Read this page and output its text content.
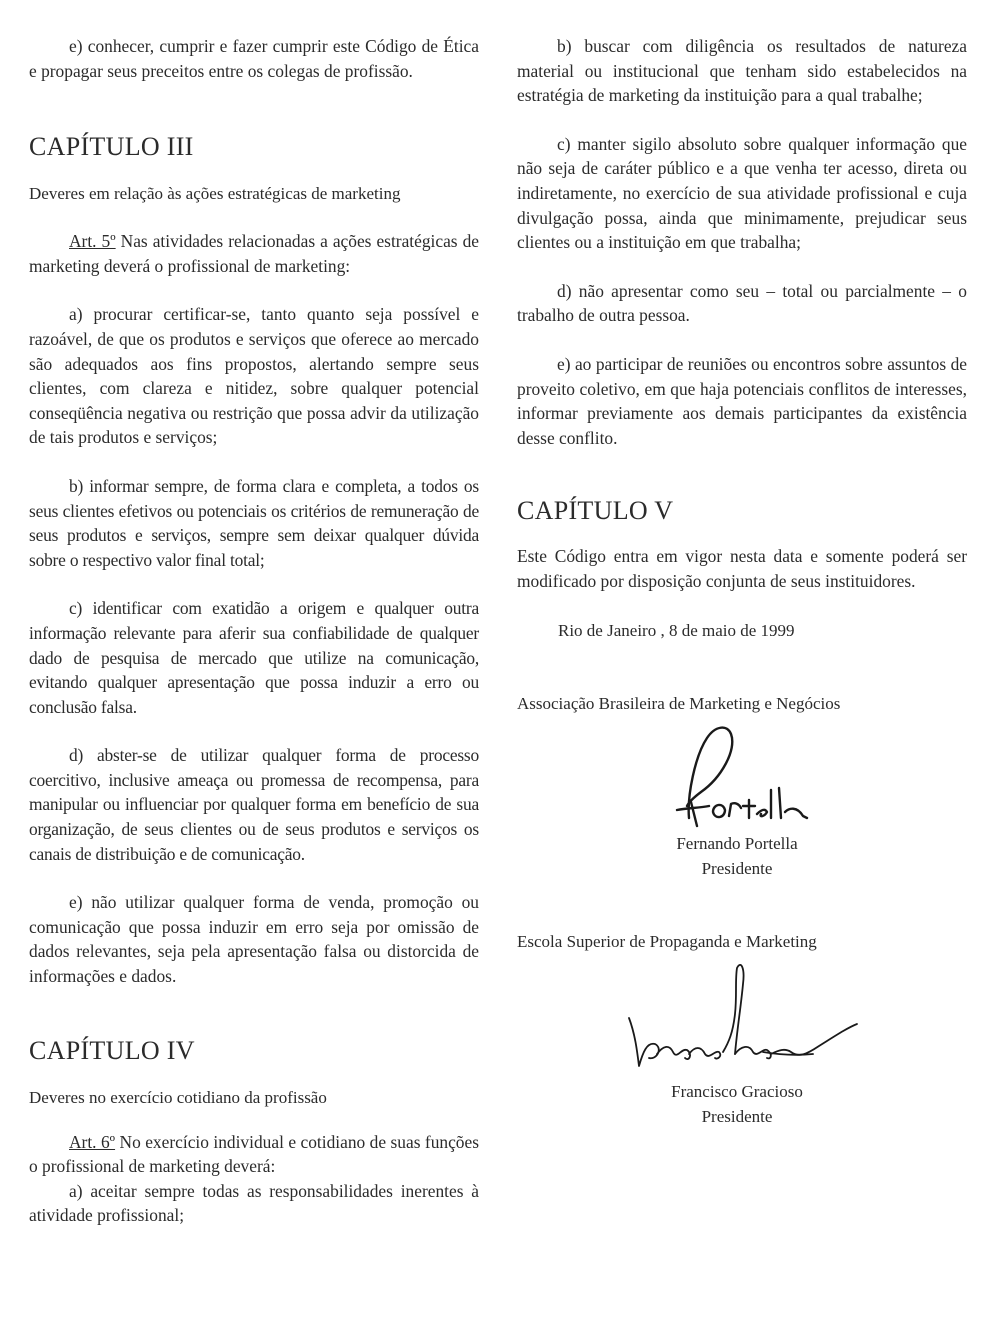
e) conhecer, cumprir e fazer cumprir este Código de Ética e propagar seus preceitos entre os colegas de profissão.

CAPÍTULO III

Deveres em relação às ações estratégicas de marketing

Art. 5º Nas atividades relacionadas a ações estratégicas de marketing deverá o profissional de marketing:

a) procurar certificar-se, tanto quanto seja possível e razoável, de que os produtos e serviços que oferece ao mercado são adequados aos fins propostos, alertando sempre seus clientes, com clareza e nitidez, sobre qualquer potencial conseqüência negativa ou restrição que possa advir da utilização de tais produtos e serviços;

b) informar sempre, de forma clara e completa, a todos os seus clientes efetivos ou potenciais os critérios de remuneração de seus produtos e serviços, sempre sem deixar qualquer dúvida sobre o respectivo valor final total;

c) identificar com exatidão a origem e qualquer outra informação relevante para aferir sua confiabilidade de qualquer dado de pesquisa de mercado que utilize na comunicação, evitando qualquer apresentação que possa induzir a erro ou conclusão falsa.

d) abster-se de utilizar qualquer forma de processo coercitivo, inclusive ameaça ou promessa de recompensa, para manipular ou influenciar por qualquer forma em benefício de sua organização, de seus clientes ou de seus produtos e serviços os canais de distribuição e de comunicação.

e) não utilizar qualquer forma de venda, promoção ou comunicação que possa induzir em erro seja por omissão de dados relevantes, seja pela apresentação falsa ou distorcida de informações e dados.

CAPÍTULO IV

Deveres no exercício cotidiano da profissão

Art. 6º No exercício individual e cotidiano de suas funções o profissional de marketing deverá:

a) aceitar sempre todas as responsabilidades inerentes à atividade profissional;

b) buscar com diligência os resultados de natureza material ou institucional que tenham sido estabelecidos na estratégia de marketing da instituição para a qual trabalhe;

c) manter sigilo absoluto sobre qualquer informação que não seja de caráter público e a que venha ter acesso, direta ou indiretamente, no exercício de sua atividade profissional e cuja divulgação possa, ainda que minimamente, prejudicar seus clientes ou a instituição em que trabalha;

d) não apresentar como seu – total ou parcialmente – o trabalho de outra pessoa.

e) ao participar de reuniões ou encontros sobre assuntos de proveito coletivo, em que haja potenciais conflitos de interesses, informar previamente aos demais participantes da existência desse conflito.

CAPÍTULO V

Este Código entra em vigor nesta data e somente poderá ser modificado por disposição conjunta de seus instituidores.

Rio de Janeiro , 8 de maio de 1999

Associação Brasileira de Marketing e Negócios

Fernando Portella

Presidente

Escola Superior de Propaganda e Marketing

Francisco Gracioso

Presidente
